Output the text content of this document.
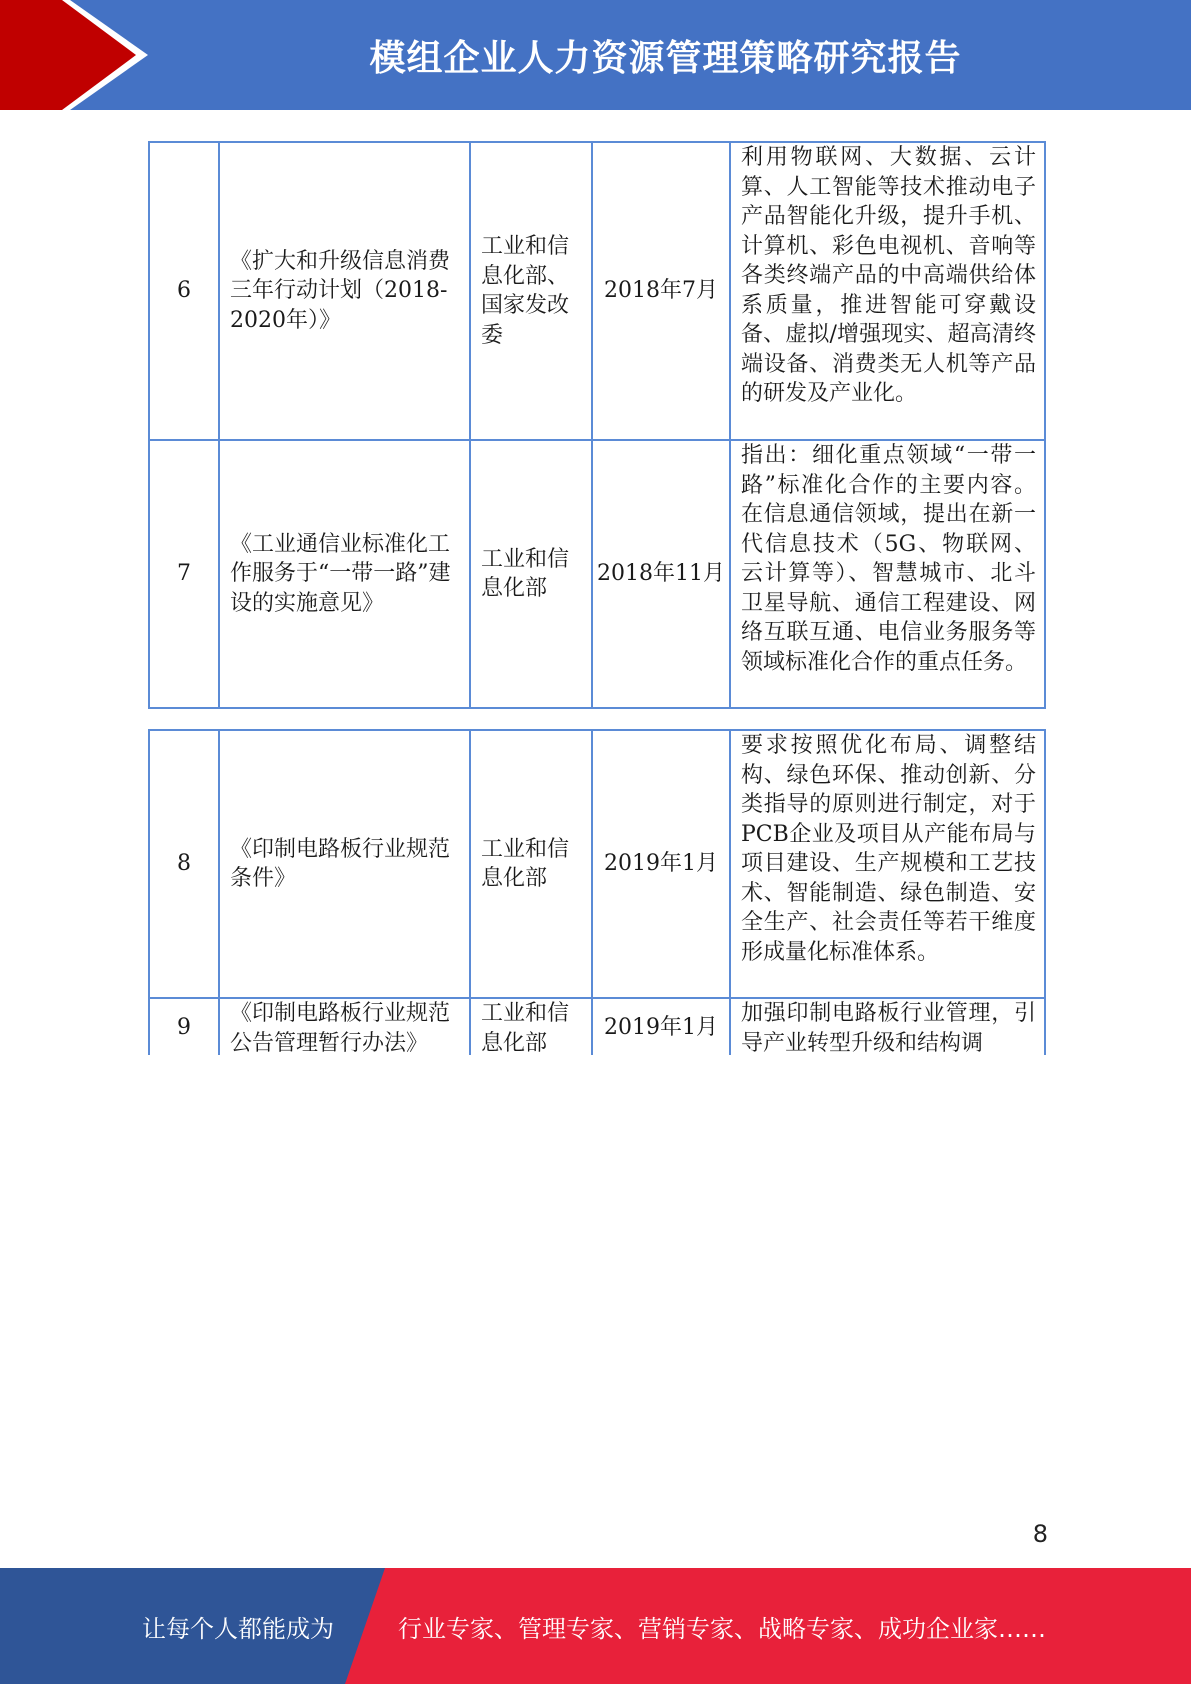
模组企业人力资源管理策略研究报告
6	《扩大和升级信息消费三年行动计划（2018-2020年）》	工业和信息化部、国家发改委	2018年7月	利用物联网、大数据、云计算、人工智能等技术推动电子产品智能化升级，提升手机、计算机、彩色电视机、音响等各类终端产品的中高端供给体系质量，推进智能可穿戴设备、虚拟/增强现实、超高清终端设备、消费类无人机等产品的研发及产业化。
7	《工业通信业标准化工作服务于“一带一路”建设的实施意见》	工业和信息化部	2018年11月	指出：细化重点领域“一带一路”标准化合作的主要内容。在信息通信领域，提出在新一代信息技术（5G、物联网、云计算等）、智慧城市、北斗卫星导航、通信工程建设、网络互联互通、电信业务服务等领域标准化合作的重点任务。
8	《印制电路板行业规范条件》	工业和信息化部	2019年1月	要求按照优化布局、调整结构、绿色环保、推动创新、分类指导的原则进行制定，对于PCB企业及项目从产能布局与项目建设、生产规模和工艺技术、智能制造、绿色制造、安全生产、社会责任等若干维度形成量化标准体系。
9	《印制电路板行业规范公告管理暂行办法》	工业和信息化部	2019年1月	加强印制电路板行业管理，引导产业转型升级和结构调
8
让每个人都能成为	行业专家、管理专家、营销专家、战略专家、成功企业家……
